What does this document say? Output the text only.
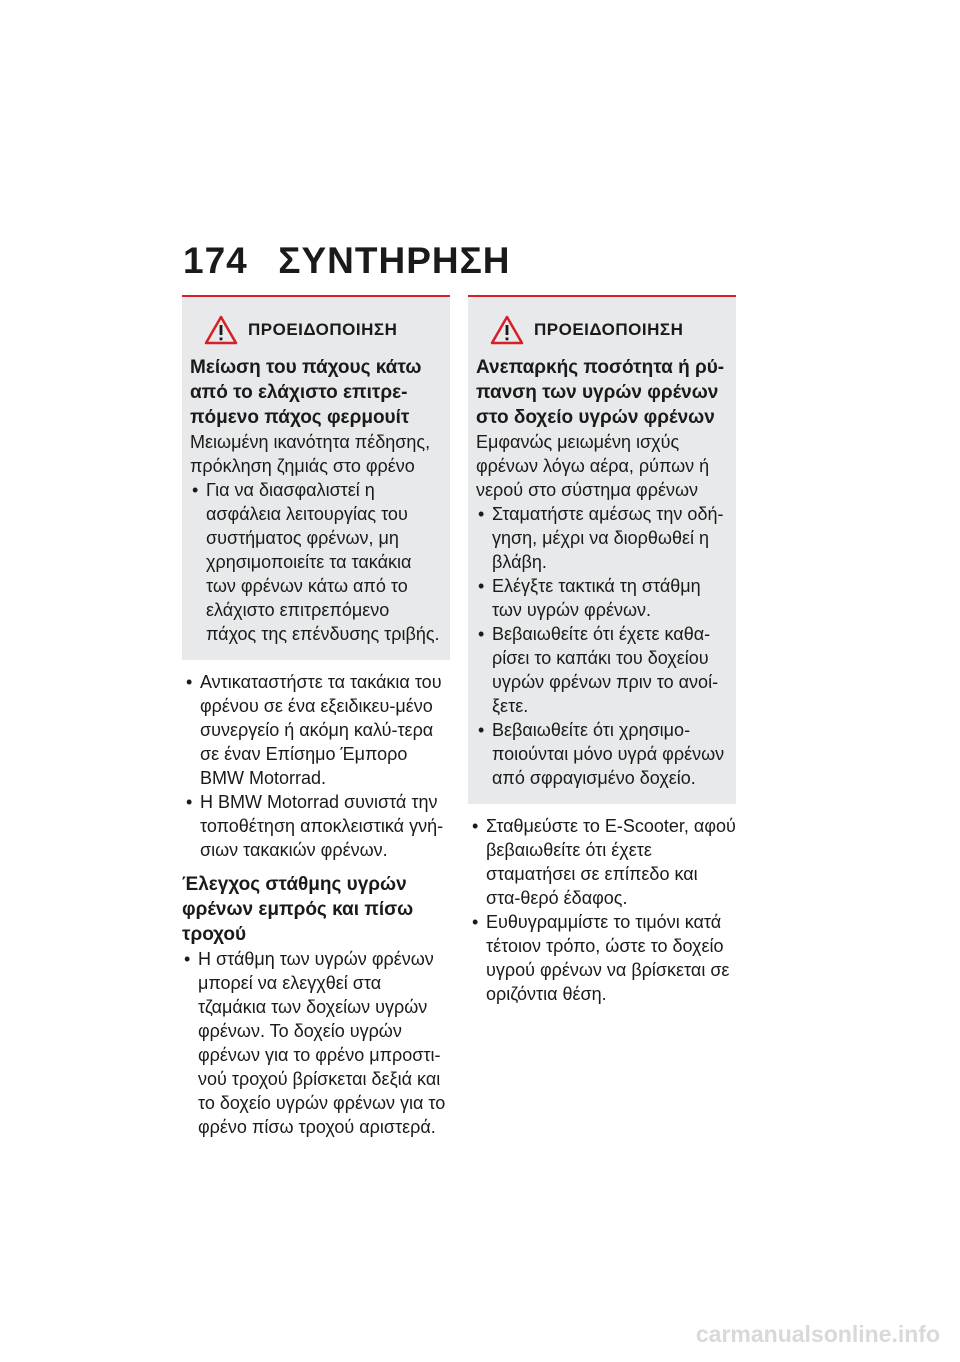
174 ΣΥΝΤΗΡΗΣΗ
ΠΡΟΕΙΔΟΠΟΙΗΣΗ
Μείωση του πάχους κάτω από το ελάχιστο επιτρε-πόμενο πάχος φερμουίτ
Μειωμένη ικανότητα πέδησης, πρόκληση ζημιάς στο φρένο
• Για να διασφαλιστεί η ασφάλεια λειτουργίας του συστήματος φρένων, μη χρησιμοποιείτε τα τακάκια των φρένων κάτω από το ελάχιστο επιτρεπόμενο πάχος της επένδυσης τριβής.
• Αντικαταστήστε τα τακάκια του φρένου σε ένα εξειδικευ-μένο συνεργείο ή ακόμη καλύ-τερα σε έναν Επίσημο Έμπορο BMW Motorrad.
• Η BMW Motorrad συνιστά την τοποθέτηση αποκλειστικά γνή-σιων τακακιών φρένων.
Έλεγχος στάθμης υγρών φρένων εμπρός και πίσω τροχού
• Η στάθμη των υγρών φρένων μπορεί να ελεγχθεί στα τζαμάκια των δοχείων υγρών φρένων. Το δοχείο υγρών φρένων για το φρένο μπροστι-νού τροχού βρίσκεται δεξιά και το δοχείο υγρών φρένων για το φρένο πίσω τροχού αριστερά.
ΠΡΟΕΙΔΟΠΟΙΗΣΗ
Ανεπαρκής ποσότητα ή ρύ-πανση των υγρών φρένων στο δοχείο υγρών φρένων
Εμφανώς μειωμένη ισχύς φρένων λόγω αέρα, ρύπων ή νερού στο σύστημα φρένων
• Σταματήστε αμέσως την οδή-γηση, μέχρι να διορθωθεί η βλάβη.
• Ελέγξτε τακτικά τη στάθμη των υγρών φρένων.
• Βεβαιωθείτε ότι έχετε καθα-ρίσει το καπάκι του δοχείου υγρών φρένων πριν το ανοί-ξετε.
• Βεβαιωθείτε ότι χρησιμο-ποιούνται μόνο υγρά φρένων από σφραγισμένο δοχείο.
• Σταθμεύστε το E-Scooter, αφού βεβαιωθείτε ότι έχετε σταματήσει σε επίπεδο και στα-θερό έδαφος.
• Ευθυγραμμίστε το τιμόνι κατά τέτοιον τρόπο, ώστε το δοχείο υγρού φρένων να βρίσκεται σε οριζόντια θέση.
carmanualsonline.info
